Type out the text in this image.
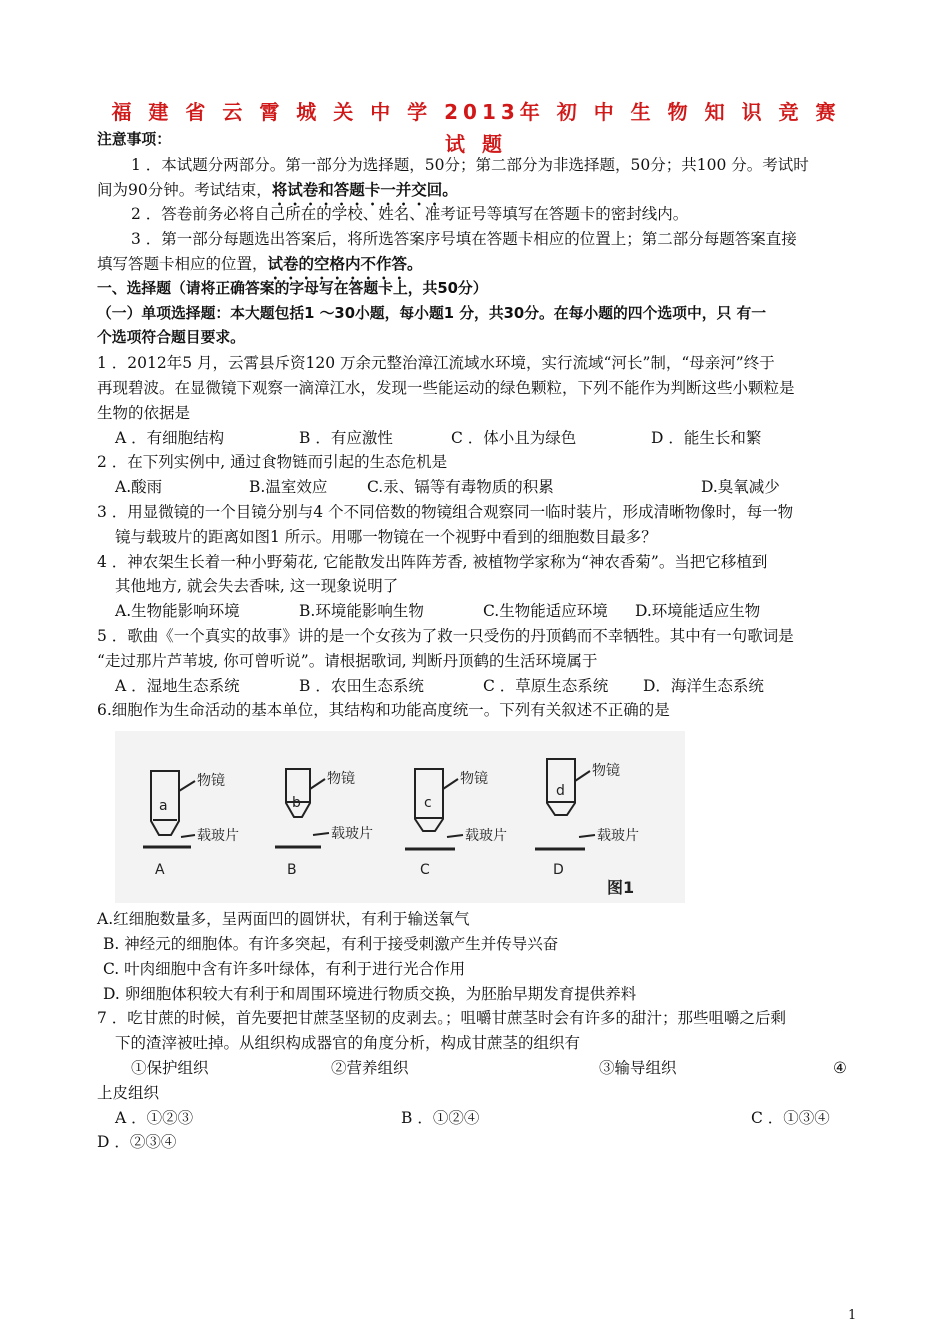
福 建 省 云 霄 城 关 中 学 2013年 初 中 生 物 知 识 竞 赛 试 题
注意事项：
1 ．本试题分两部分。第一部分为选择题，50分；第二部分为非选择题，50分；共100 分。考试时
间为90分钟。考试结束，将试卷和答题卡一并交回。
2 ．答卷前务必将自己所在的学校、姓名、准考证号等填写在答题卡的密封线内。
3 ．第一部分每题选出答案后，将所选答案序号填在答题卡相应的位置上；第二部分每题答案直接
填写答题卡相应的位置，试卷的空格内不作答。
一、选择题（请将正确答案的字母写在答题卡上，共50分）
（一）单项选择题：本大题包括1 ～30小题，每小题1 分，共30分。在每小题的四个选项中，只 有一
个选项符合题目要求。
1 ．2012年5 月，云霄县斥资120 万余元整治漳江流域水环境，实行流域“河长”制，“母亲河”终于
再现碧波。在显微镜下观察一滴漳江水，发现一些能运动的绿色颗粒，下列不能作为判断这些小颗粒是
生物的依据是
A ．有细胞结构	B ．有应激性	C ．体小且为绿色	D ．能生长和繁
2 ．在下列实例中, 通过食物链而引起的生态危机是
A.酸雨	B.温室效应	C.汞、镉等有毒物质的积累	D.臭氧减少
3 ．用显微镜的一个目镜分别与4 个不同倍数的物镜组合观察同一临时装片，形成清晰物像时，每一物
镜与载玻片的距离如图1 所示。用哪一物镜在一个视野中看到的细胞数目最多？
4 ．神农架生长着一种小野菊花, 它能散发出阵阵芳香, 被植物学家称为“神农香菊”。当把它移植到
其他地方, 就会失去香味, 这一现象说明了
A.生物能影响环境	B.环境能影响生物	C.生物能适应环境	D.环境能适应生物
5 ．歌曲《一个真实的故事》讲的是一个女孩为了救一只受伤的丹顶鹤而不幸牺牲。其中有一句歌词是
“走过那片芦苇坡, 你可曾听说”。请根据歌词, 判断丹顶鹤的生活环境属于
A ．湿地生态系统	B ．农田生态系统	C ．草原生态系统	D．海洋生态系统
6.细胞作为生命活动的基本单位，其结构和功能高度统一。下列有关叙述不正确的是
a	b	c
d
物镜	物镜	物镜	物镜
载玻片	载玻片	载玻片	载玻片
A	B	C	D
图1
A.红细胞数量多，呈两面凹的圆饼状，有利于输送氧气
B. 神经元的细胞体。有许多突起，有利于接受刺激产生并传导兴奋
C. 叶肉细胞中含有许多叶绿体，有利于进行光合作用
D. 卵细胞体积较大有利于和周围环境进行物质交换，为胚胎早期发育提供养料
7 ．吃甘蔗的时候，首先要把甘蔗茎坚韧的皮剥去。；咀嚼甘蔗茎时会有许多的甜汁；那些咀嚼之后剩
下的渣滓被吐掉。从组织构成器官的角度分析，构成甘蔗茎的组织有
①保护组织	②营养组织	③输导组织	④
上皮组织
A ．①②③	B ．①②④	C ．①③④
D ．②③④
1
